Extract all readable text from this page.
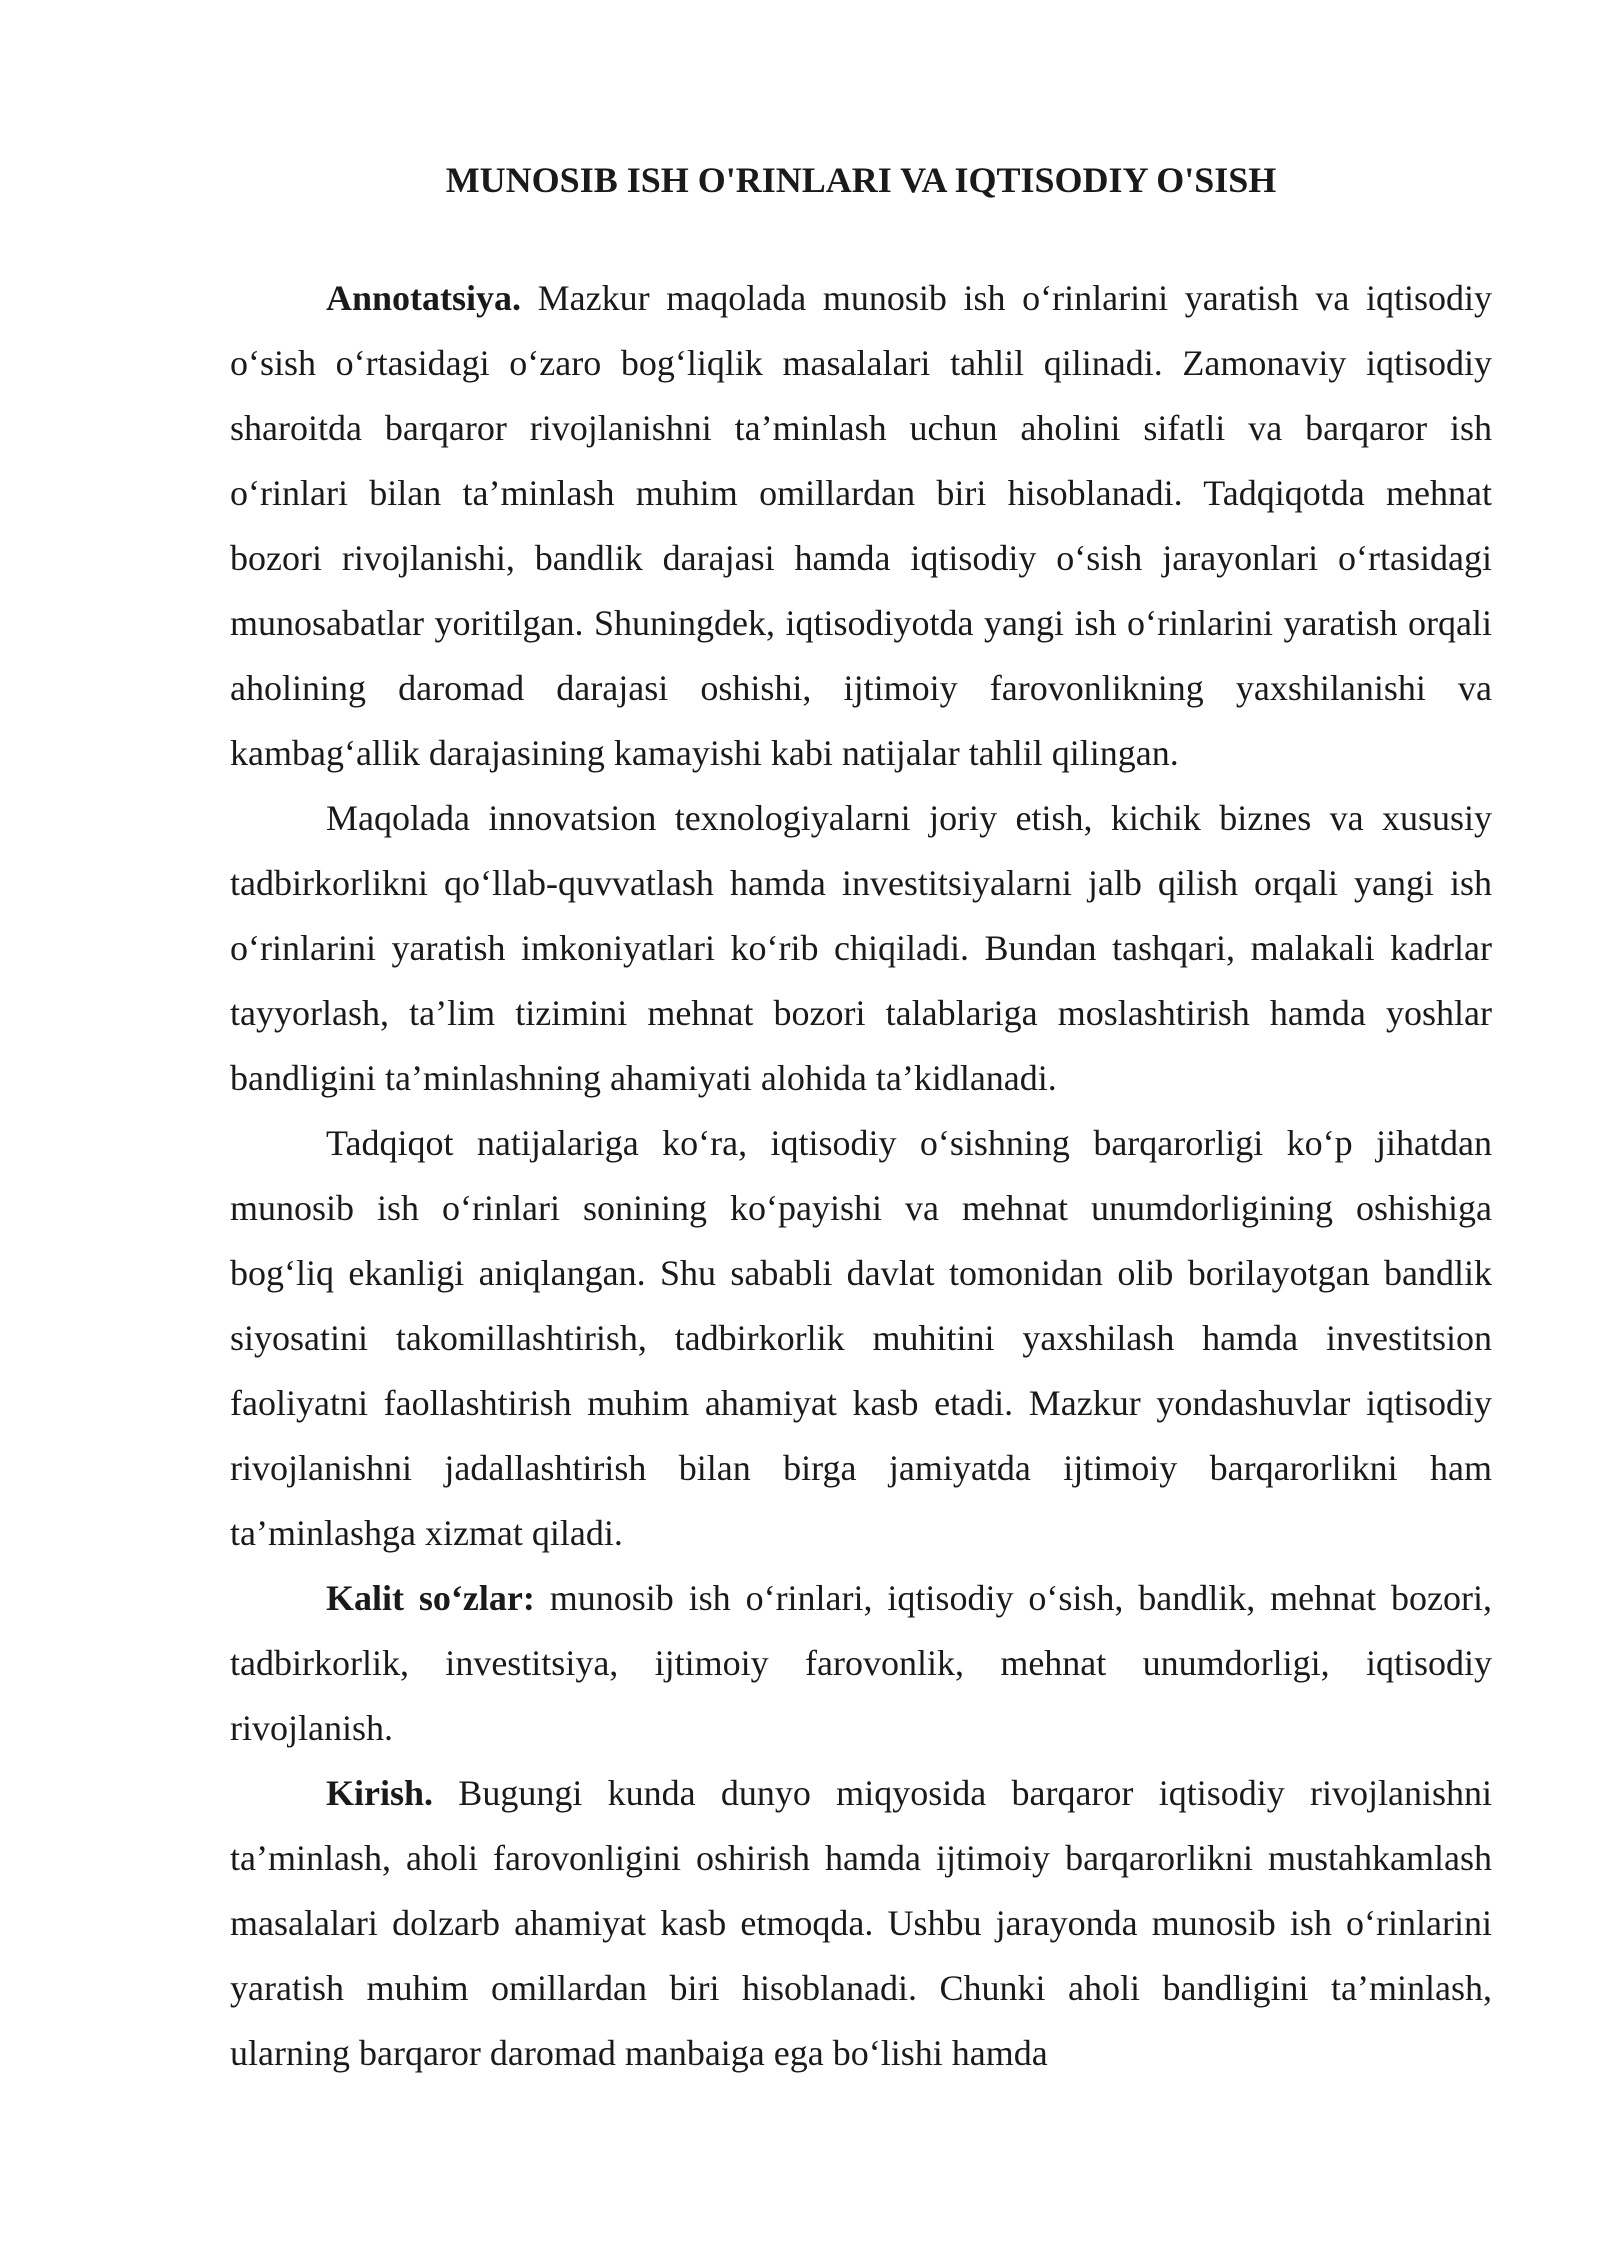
MUNOSIB ISH O'RINLARI VA IQTISODIY O'SISH

Annotatsiya. Mazkur maqolada munosib ish o‘rinlarini yaratish va iqtisodiy o‘sish o‘rtasidagi o‘zaro bog‘liqlik masalalari tahlil qilinadi. Zamonaviy iqtisodiy sharoitda barqaror rivojlanishni ta’minlash uchun aholini sifatli va barqaror ish o‘rinlari bilan ta’minlash muhim omillardan biri hisoblanadi. Tadqiqotda mehnat bozori rivojlanishi, bandlik darajasi hamda iqtisodiy o‘sish jarayonlari o‘rtasidagi munosabatlar yoritilgan. Shuningdek, iqtisodiyotda yangi ish o‘rinlarini yaratish orqali aholining daromad darajasi oshishi, ijtimoiy farovonlikning yaxshilanishi va kambag‘allik darajasining kamayishi kabi natijalar tahlil qilingan.

Maqolada innovatsion texnologiyalarni joriy etish, kichik biznes va xususiy tadbirkorlikni qo‘llab-quvvatlash hamda investitsiyalarni jalb qilish orqali yangi ish o‘rinlarini yaratish imkoniyatlari ko‘rib chiqiladi. Bundan tashqari, malakali kadrlar tayyorlash, ta’lim tizimini mehnat bozori talablariga moslashtirish hamda yoshlar bandligini ta’minlashning ahamiyati alohida ta’kidlanadi.

Tadqiqot natijalariga ko‘ra, iqtisodiy o‘sishning barqarorligi ko‘p jihatdan munosib ish o‘rinlari sonining ko‘payishi va mehnat unumdorligining oshishiga bog‘liq ekanligi aniqlangan. Shu sababli davlat tomonidan olib borilayotgan bandlik siyosatini takomillashtirish, tadbirkorlik muhitini yaxshilash hamda investitsion faoliyatni faollashtirish muhim ahamiyat kasb etadi. Mazkur yondashuvlar iqtisodiy rivojlanishni jadallashtirish bilan birga jamiyatda ijtimoiy barqarorlikni ham ta’minlashga xizmat qiladi.

Kalit so‘zlar: munosib ish o‘rinlari, iqtisodiy o‘sish, bandlik, mehnat bozori, tadbirkorlik, investitsiya, ijtimoiy farovonlik, mehnat unumdorligi, iqtisodiy rivojlanish.

Kirish. Bugungi kunda dunyo miqyosida barqaror iqtisodiy rivojlanishni ta’minlash, aholi farovonligini oshirish hamda ijtimoiy barqarorlikni mustahkamlash masalalari dolzarb ahamiyat kasb etmoqda. Ushbu jarayonda munosib ish o‘rinlarini yaratish muhim omillardan biri hisoblanadi. Chunki aholi bandligini ta’minlash, ularning barqaror daromad manbaiga ega bo‘lishi hamda
